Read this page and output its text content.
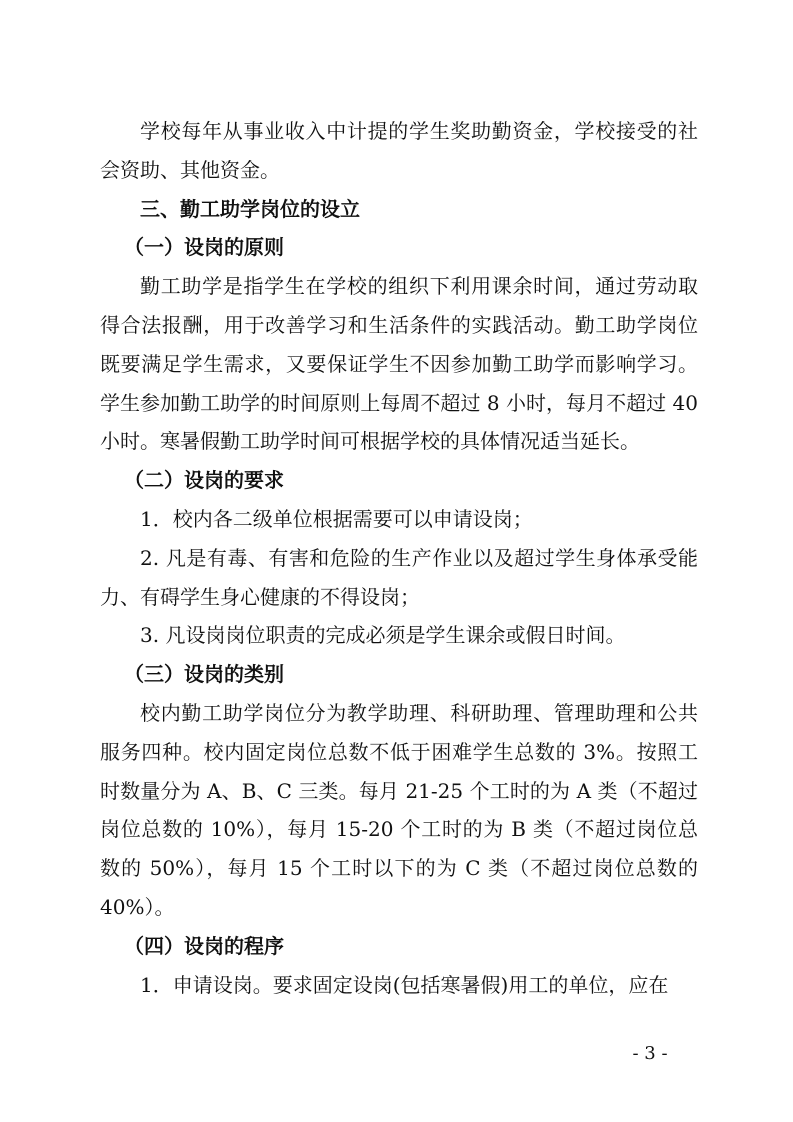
学校每年从事业收入中计提的学生奖助勤资金，学校接受的社会资助、其他资金。

三、勤工助学岗位的设立

（一）设岗的原则

勤工助学是指学生在学校的组织下利用课余时间，通过劳动取得合法报酬，用于改善学习和生活条件的实践活动。勤工助学岗位既要满足学生需求，又要保证学生不因参加勤工助学而影响学习。学生参加勤工助学的时间原则上每周不超过 8 小时，每月不超过 40 小时。寒暑假勤工助学时间可根据学校的具体情况适当延长。

（二）设岗的要求

1．校内各二级单位根据需要可以申请设岗；

2. 凡是有毒、有害和危险的生产作业以及超过学生身体承受能力、有碍学生身心健康的不得设岗；

3. 凡设岗岗位职责的完成必须是学生课余或假日时间。

（三）设岗的类别

校内勤工助学岗位分为教学助理、科研助理、管理助理和公共服务四种。校内固定岗位总数不低于困难学生总数的 3%。按照工时数量分为 A、B、C 三类。每月 21-25 个工时的为 A 类（不超过岗位总数的 10%），每月 15-20 个工时的为 B 类（不超过岗位总数的 50%），每月 15 个工时以下的为 C 类（不超过岗位总数的 40%）。

（四）设岗的程序

1．申请设岗。要求固定设岗(包括寒暑假)用工的单位，应在

- 3 -
